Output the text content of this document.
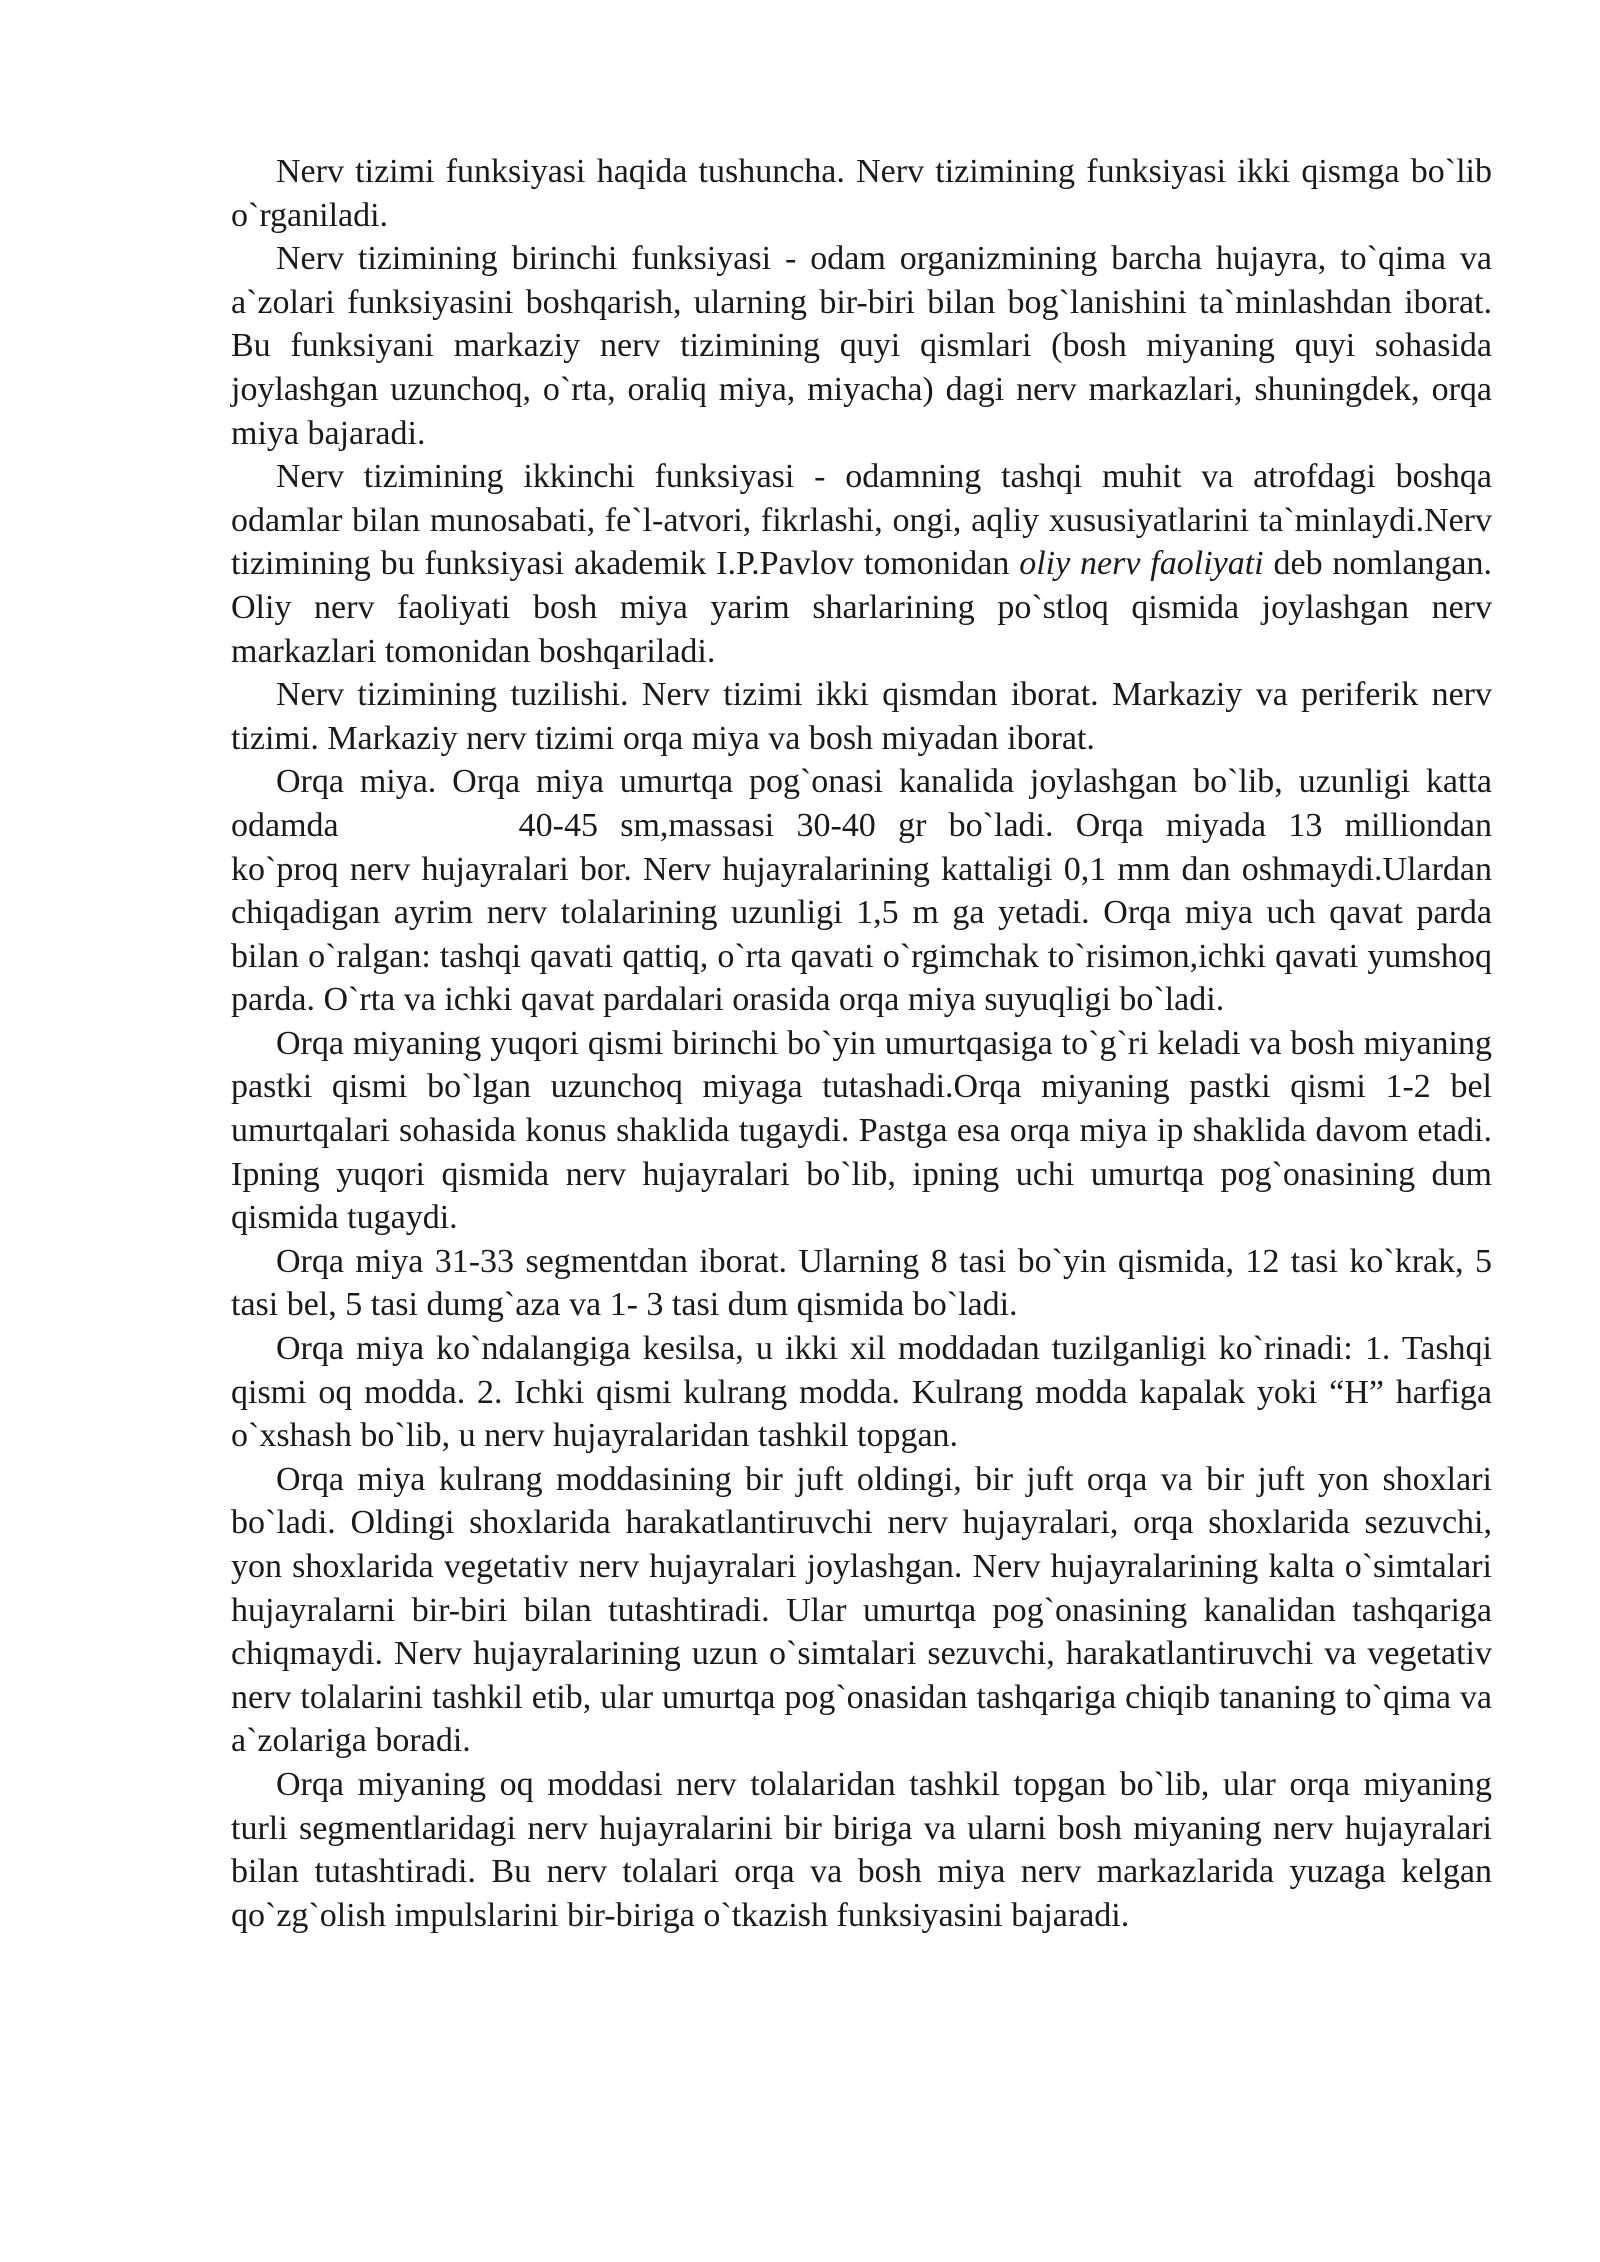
Nerv tizimi funksiyasi haqida tushuncha. Nerv tizimining funksiyasi ikki qismga bo`lib o`rganiladi.

Nerv tizimining birinchi funksiyasi - odam organizmining barcha hujayra, to`qima va a`zolari funksiyasini boshqarish, ularning bir-biri bilan bog`lanishini ta`minlashdan iborat. Bu funksiyani markaziy nerv tizimining quyi qismlari (bosh miyaning quyi sohasida joylashgan uzunchoq, o`rta, oraliq miya, miyacha) dagi nerv markazlari, shuningdek, orqa miya bajaradi.

Nerv tizimining ikkinchi funksiyasi - odamning tashqi muhit va atrofdagi boshqa odamlar bilan munosabati, fe`l-atvori, fikrlashi, ongi, aqliy xususiyatlarini ta`minlaydi.Nerv tizimining bu funksiyasi akademik I.P.Pavlov tomonidan oliy nerv faoliyati deb nomlangan. Oliy nerv faoliyati bosh miya yarim sharlarining po`stloq qismida joylashgan nerv markazlari tomonidan boshqariladi.

Nerv tizimining tuzilishi. Nerv tizimi ikki qismdan iborat. Markaziy va periferik nerv tizimi. Markaziy nerv tizimi orqa miya va bosh miyadan iborat.

Orqa miya. Orqa miya umurtqa pog`onasi kanalida joylashgan bo`lib, uzunligi katta odamda	40-45 sm,massasi 30-40 gr bo`ladi. Orqa miyada 13 milliondan ko`proq nerv hujayralari bor. Nerv hujayralarining kattaligi 0,1 mm dan oshmaydi.Ulardan chiqadigan ayrim nerv tolalarining uzunligi 1,5 m ga yetadi. Orqa miya uch qavat parda bilan o`ralgan: tashqi qavati qattiq, o`rta qavati o`rgimchak to`risimon,ichki qavati yumshoq parda. O`rta va ichki qavat pardalari orasida orqa miya suyuqligi bo`ladi.

Orqa miyaning yuqori qismi birinchi bo`yin umurtqasiga to`g`ri keladi va bosh miyaning pastki qismi bo`lgan uzunchoq miyaga tutashadi.Orqa miyaning pastki qismi 1-2 bel umurtqalari sohasida konus shaklida tugaydi. Pastga esa orqa miya ip shaklida davom etadi. Ipning yuqori qismida nerv hujayralari bo`lib, ipning uchi umurtqa pog`onasining dum qismida tugaydi.

Orqa miya 31-33 segmentdan iborat. Ularning 8 tasi bo`yin qismida, 12 tasi ko`krak, 5 tasi bel, 5 tasi dumg`aza va 1- 3 tasi dum qismida bo`ladi.

Orqa miya ko`ndalangiga kesilsa, u ikki xil moddadan tuzilganligi ko`rinadi: 1. Tashqi qismi oq modda. 2. Ichki qismi kulrang modda. Kulrang modda kapalak yoki “H” harfiga o`xshash bo`lib, u nerv hujayralaridan tashkil topgan.

Orqa miya kulrang moddasining bir juft oldingi, bir juft orqa va bir juft yon shoxlari bo`ladi. Oldingi shoxlarida harakatlantiruvchi nerv hujayralari, orqa shoxlarida sezuvchi, yon shoxlarida vegetativ nerv hujayralari joylashgan. Nerv hujayralarining kalta o`simtalari hujayralarni bir-biri bilan tutashtiradi. Ular umurtqa pog`onasining kanalidan tashqariga chiqmaydi. Nerv hujayralarining uzun o`simtalari sezuvchi, harakatlantiruvchi va vegetativ nerv tolalarini tashkil etib, ular umurtqa pog`onasidan tashqariga chiqib tananing to`qima va a`zolariga boradi.

Orqa miyaning oq moddasi nerv tolalaridan tashkil topgan bo`lib, ular orqa miyaning turli segmentlaridagi nerv hujayralarini bir biriga va ularni bosh miyaning nerv hujayralari bilan tutashtiradi. Bu nerv tolalari orqa va bosh miya nerv markazlarida yuzaga kelgan qo`zg`olish impulslarini bir-biriga o`tkazish funksiyasini bajaradi.
